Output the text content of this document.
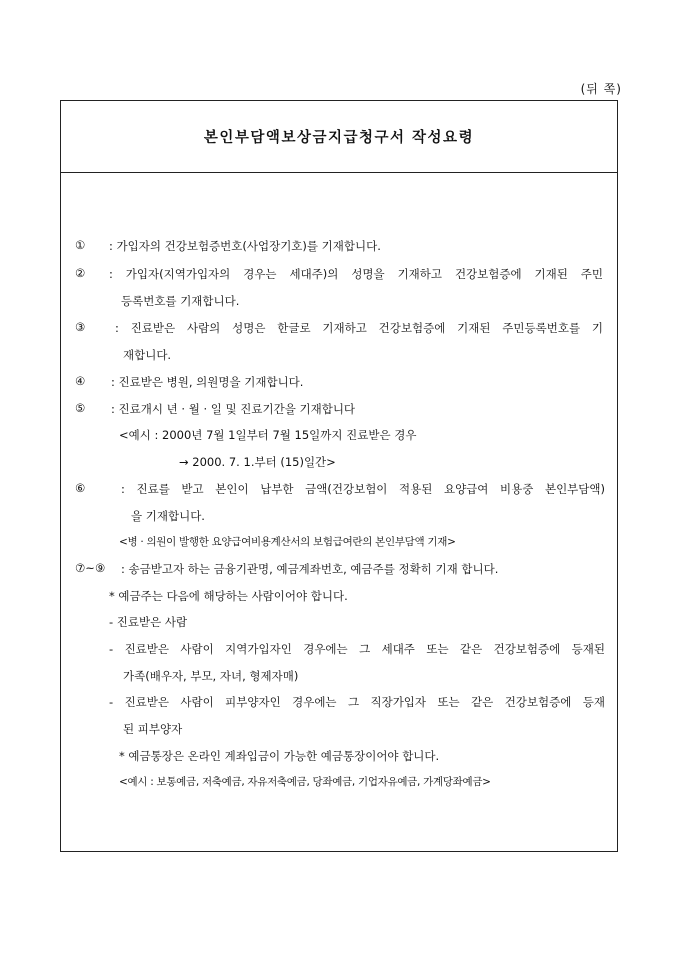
(뒤 쪽)
본인부담액보상금지급청구서 작성요령
① : 가입자의 건강보험증번호(사업장기호)를 기재합니다.
② : 가입자(지역가입자의 경우는 세대주)의 성명을 기재하고 건강보험증에 기재된 주민
등록번호를 기재합니다.
③	: 진료받은 사람의 성명은 한글로 기재하고 건강보험증에 기재된 주민등록번호를 기
재합니다.
④ : 진료받은 병원, 의원명을 기재합니다.
⑤ : 진료개시 년 · 월 · 일 및 진료기간을 기재합니다
<예시 : 2000년 7월 1일부터 7월 15일까지 진료받은 경우
→ 2000. 7. 1.부터 (15)일간>
⑥	: 진료를 받고 본인이 납부한 금액(건강보험이 적용된 요양급여 비용중 본인부담액)
을 기재합니다.
<병 · 의원이 발행한 요양급여비용계산서의 보험급여란의 본인부담액 기재>
⑦~⑨ : 송금받고자 하는 금융기관명, 예금계좌번호, 예금주를 정확히 기재 합니다.
* 예금주는 다음에 해당하는 사람이어야 합니다.
- 진료받은 사람
- 진료받은 사람이 지역가입자인 경우에는 그 세대주 또는 같은 건강보험증에 등재된
가족(배우자, 부모, 자녀, 형제자매)
- 진료받은 사람이 피부양자인 경우에는 그 직장가입자 또는 같은 건강보험증에 등재
된 피부양자
* 예금통장은 온라인 계좌입금이 가능한 예금통장이어야 합니다.
<예시 : 보통예금, 저축예금, 자유저축예금, 당좌예금, 기업자유예금, 가계당좌예금>
